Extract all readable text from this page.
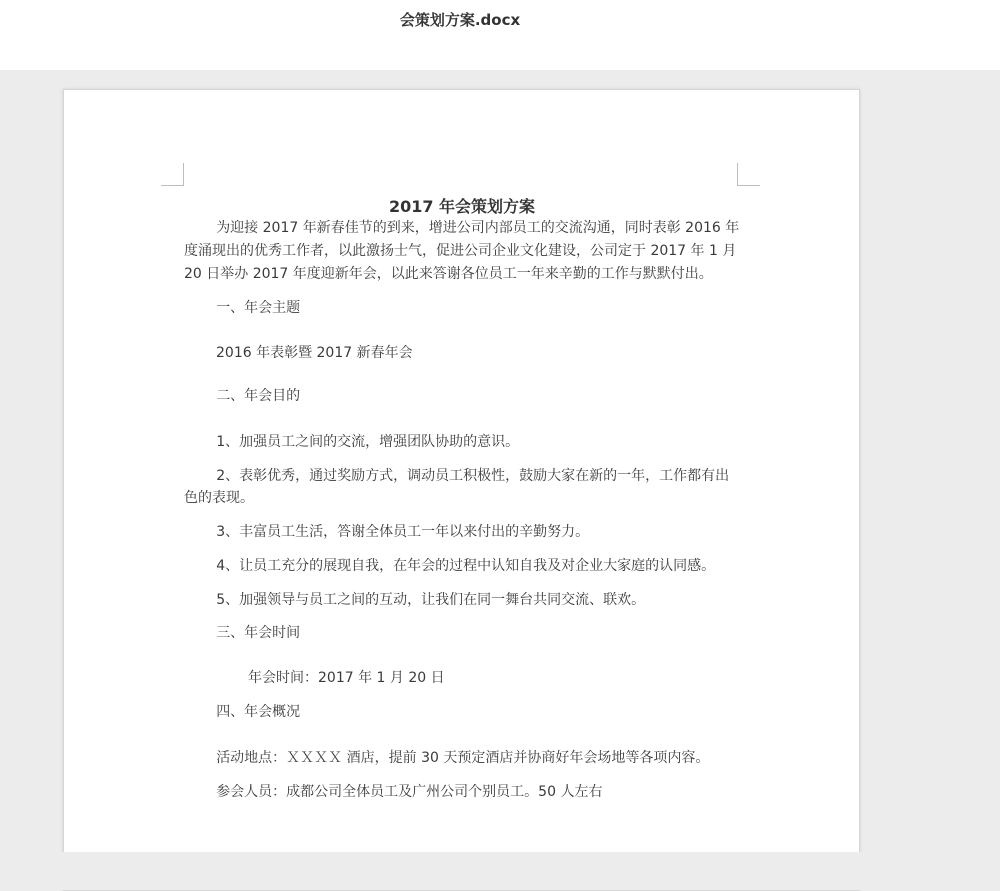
会策划方案.docx

2017 年会策划方案

为迎接 2017 年新春佳节的到来，增进公司内部员工的交流沟通，同时表彰 2016 年度涌现出的优秀工作者，以此激扬士气，促进公司企业文化建设，公司定于 2017 年 1 月 20 日举办 2017 年度迎新年会，以此来答谢各位员工一年来辛勤的工作与默默付出。

一、年会主题

2016 年表彰暨 2017 新春年会

二、年会目的

1、加强员工之间的交流，增强团队协助的意识。

2、表彰优秀，通过奖励方式，调动员工积极性，鼓励大家在新的一年，工作都有出色的表现。

3、丰富员工生活，答谢全体员工一年以来付出的辛勤努力。

4、让员工充分的展现自我，在年会的过程中认知自我及对企业大家庭的认同感。

5、加强领导与员工之间的互动，让我们在同一舞台共同交流、联欢。

三、年会时间

年会时间：2017 年 1 月 20 日

四、年会概况

活动地点：ＸＸＸＸ 酒店，提前 30 天预定酒店并协商好年会场地等各项内容。

参会人员：成都公司全体员工及广州公司个别员工。50 人左右
